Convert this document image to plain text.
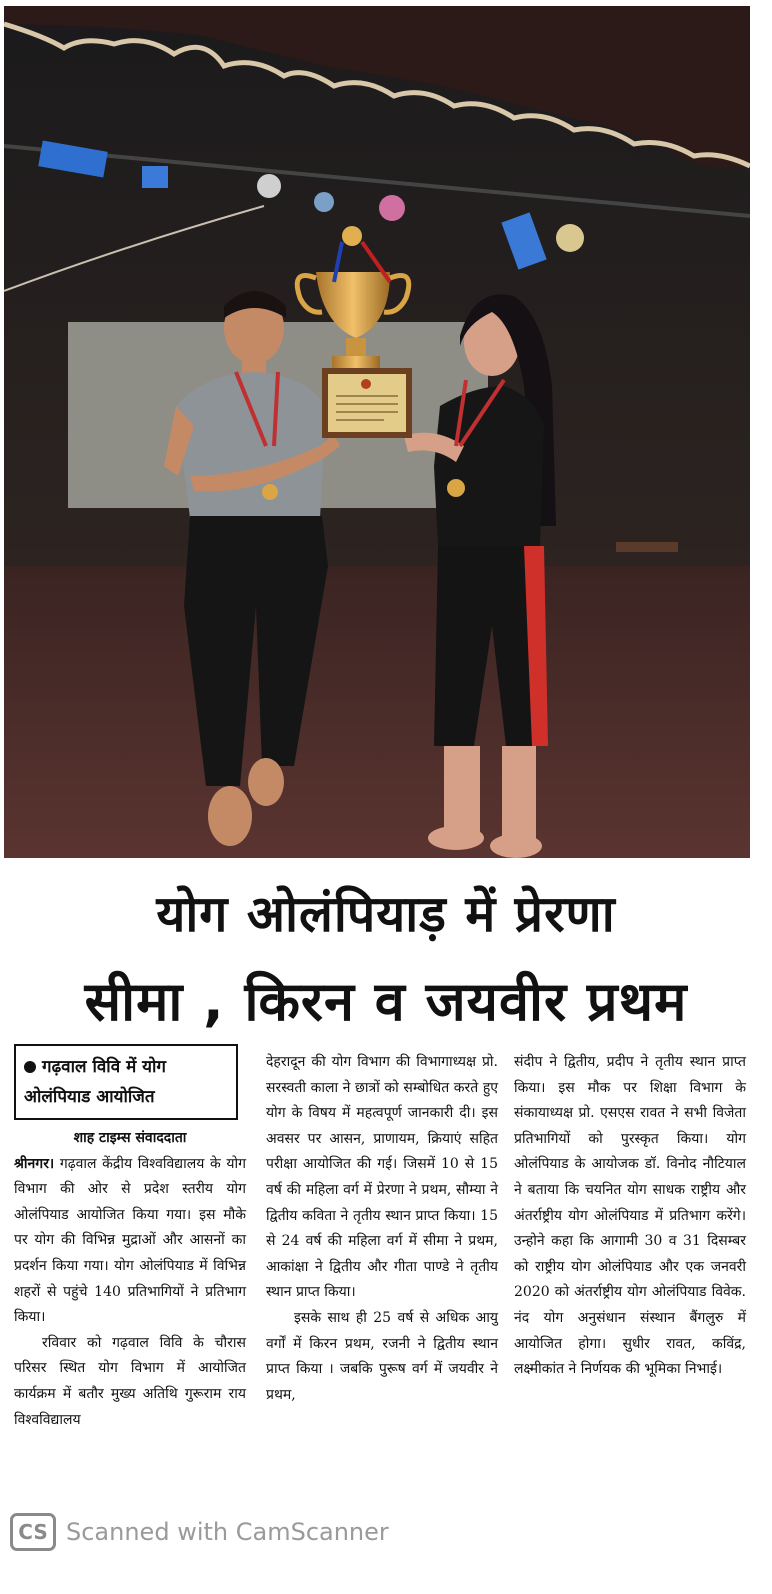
योग ओलंपियाड़ में प्रेरणा
सीमा , किरन व जयवीर प्रथम
गढ़वाल विवि में योग ओलंपियाड आयोजित

शाह टाइम्स संवाददाता

श्रीनगर। गढ़वाल केंद्रीय विश्वविद्यालय के योग विभाग की ओर से प्रदेश स्तरीय योग ओलंपियाड आयोजित किया गया। इस मौके पर योग की विभिन्न मुद्राओं और आसनों का प्रदर्शन किया गया। योग ओलंपियाड में विभिन्न शहरों से पहुंचे 140 प्रतिभागियों ने प्रतिभाग किया।

रविवार को गढ़वाल विवि के चौरास परिसर स्थित योग विभाग में आयोजित कार्यक्रम में बतौर मुख्य अतिथि गुरूराम राय विश्वविद्यालय

देहरादून की योग विभाग की विभागाध्यक्ष प्रो. सरस्वती काला ने छात्रों को सम्बोधित करते हुए योग के विषय में महत्वपूर्ण जानकारी दी। इस अवसर पर आसन, प्राणायम, क्रियाएं सहित परीक्षा आयोजित की गई। जिसमें 10 से 15 वर्ष की महिला वर्ग में प्रेरणा ने प्रथम, सौम्या ने द्वितीय कविता ने तृतीय स्थान प्राप्त किया। 15 से 24 वर्ष की महिला वर्ग में सीमा ने प्रथम, आकांक्षा ने द्वितीय और गीता पाण्डे ने तृतीय स्थान प्राप्त किया।

इसके साथ ही 25 वर्ष से अधिक आयु वर्गों में किरन प्रथम, रजनी ने द्वितीय स्थान प्राप्त किया । जबकि पुरूष वर्ग में जयवीर ने प्रथम,

संदीप ने द्वितीय, प्रदीप ने तृतीय स्थान प्राप्त किया। इस मौक पर शिक्षा विभाग के संकायाध्यक्ष प्रो. एसएस रावत ने सभी विजेता प्रतिभागियों को पुरस्कृत किया। योग ओलंपियाड के आयोजक डॉ. विनोद नौटियाल ने बताया कि चयनित योग साधक राष्ट्रीय और अंतर्राष्ट्रीय योग ओलंपियाड में प्रतिभाग करेंगे। उन्होने कहा कि आगामी 30 व 31 दिसम्बर को राष्ट्रीय योग ओलंपियाड और एक जनवरी 2020 को अंतर्राष्ट्रीय योग ओलंपियाड विवेक. नंद योग अनुसंधान संस्थान बैंगलुरु में आयोजित होगा। सुधीर रावत, कविंद्र, लक्ष्मीकांत ने निर्णयक की भूमिका निभाई।

CS Scanned with CamScanner
